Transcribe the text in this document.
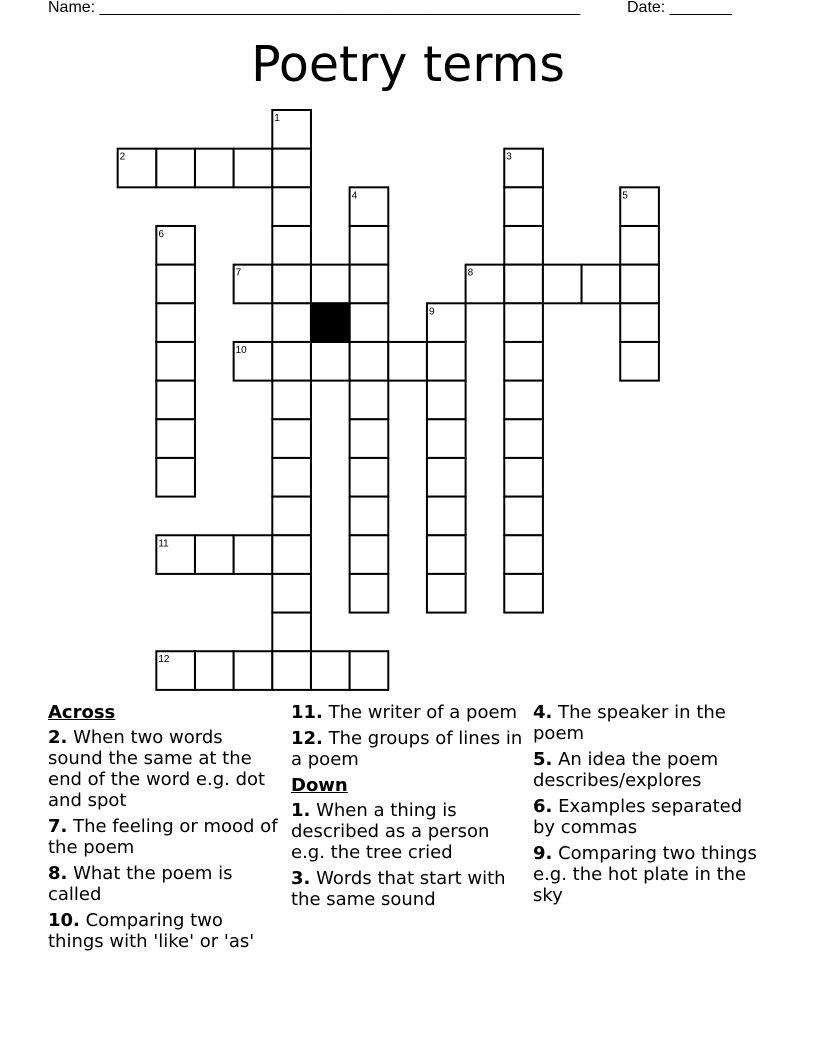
Name: ______________________________________________________	Date: _______
Poetry terms
1
2	3
4	5
6
7	8
9
10
11
12
Across
2. When two words sound the same at the end of the word e.g. dot and spot
7. The feeling or mood of the poem
8. What the poem is called
10. Comparing two things with 'like' or 'as'
11. The writer of a poem
12. The groups of lines in a poem
Down
1. When a thing is described as a person e.g. the tree cried
3. Words that start with the same sound
4. The speaker in the poem
5. An idea the poem describes/explores
6. Examples separated by commas
9. Comparing two things e.g. the hot plate in the sky
